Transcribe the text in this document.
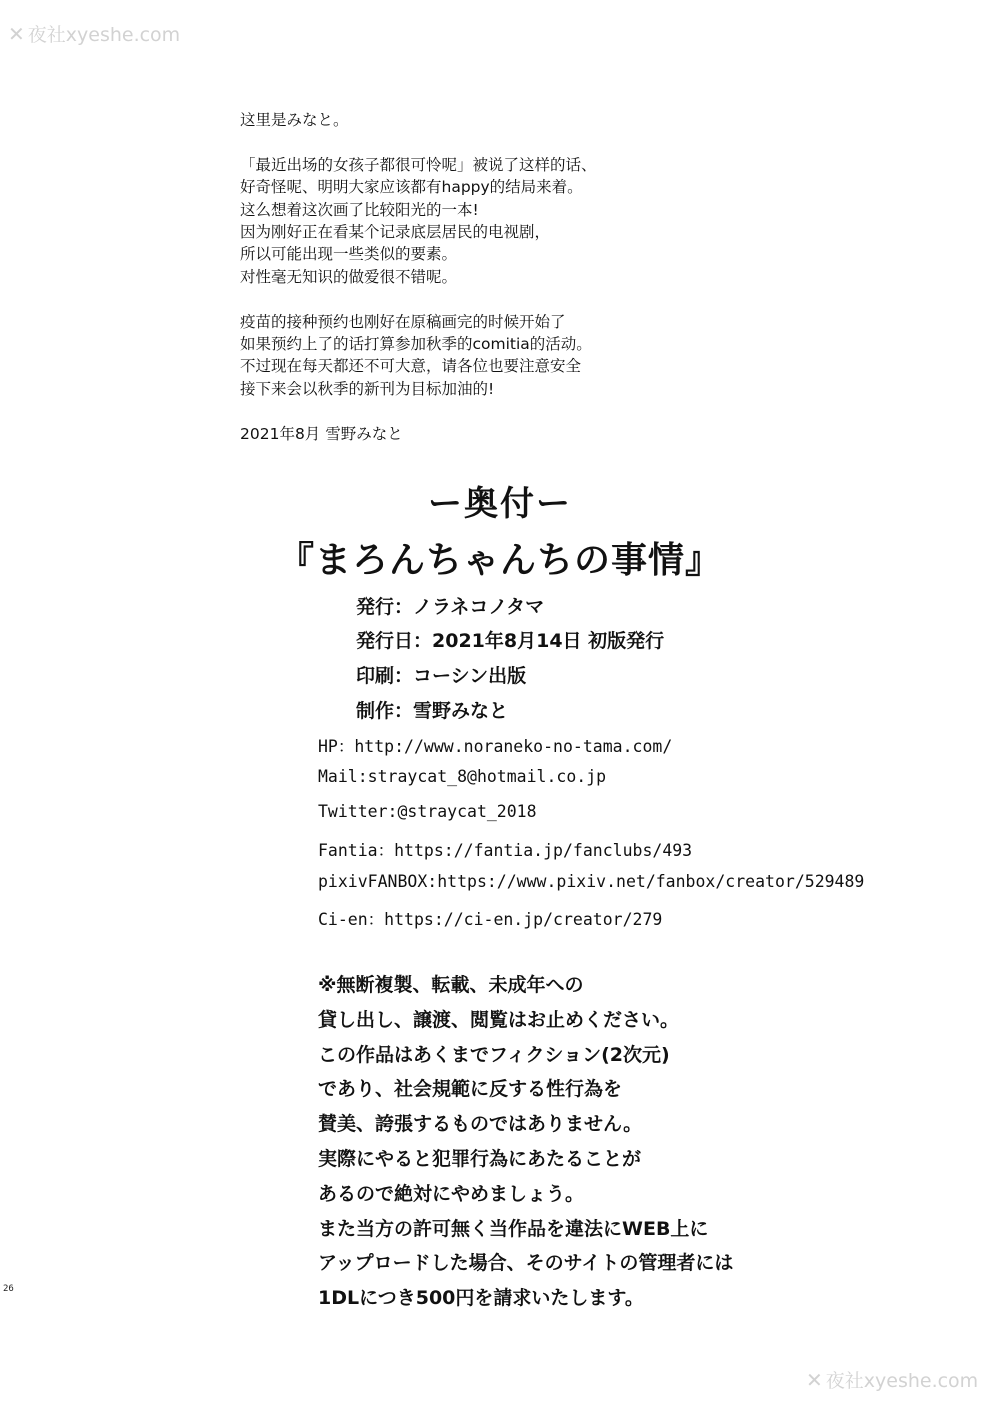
✕ 夜社xyeshe.com

这里是みなと。

「最近出场的女孩子都很可怜呢」被说了这样的话、

好奇怪呢、明明大家应该都有happy的结局来着。

这么想着这次画了比较阳光的一本!

因为刚好正在看某个记录底层居民的电视剧，

所以可能出现一些类似的要素。

对性毫无知识的做爱很不错呢。

疫苗的接种预约也刚好在原稿画完的时候开始了

如果预约上了的话打算参加秋季的comitia的活动。

不过现在每天都还不可大意，请各位也要注意安全

接下来会以秋季的新刊为目标加油的!

2021年8月 雪野みなと

ー奥付ー
『まろんちゃんちの事情』
発行：ノラネコノタマ
発行日：2021年8月14日 初版発行
印刷：コーシン出版
制作：雪野みなと
HP：http://www.noraneko-no-tama.com/
Mail:straycat_8@hotmail.co.jp
Twitter:@straycat_2018
Fantia：https://fantia.jp/fanclubs/493
pixivFANBOX:https://www.pixiv.net/fanbox/creator/529489
Ci-en：https://ci-en.jp/creator/279

※無断複製、転載、未成年への

貸し出し、譲渡、閲覧はお止めください。

この作品はあくまでフィクション(2次元)

であり、社会規範に反する性行為を

賛美、誇張するものではありません。

実際にやると犯罪行為にあたることが

あるので絶対にやめましょう。

また当方の許可無く当作品を違法にWEB上に

アップロードした場合、そのサイトの管理者には

1DLにつき500円を請求いたします。

26
✕ 夜社xyeshe.com
